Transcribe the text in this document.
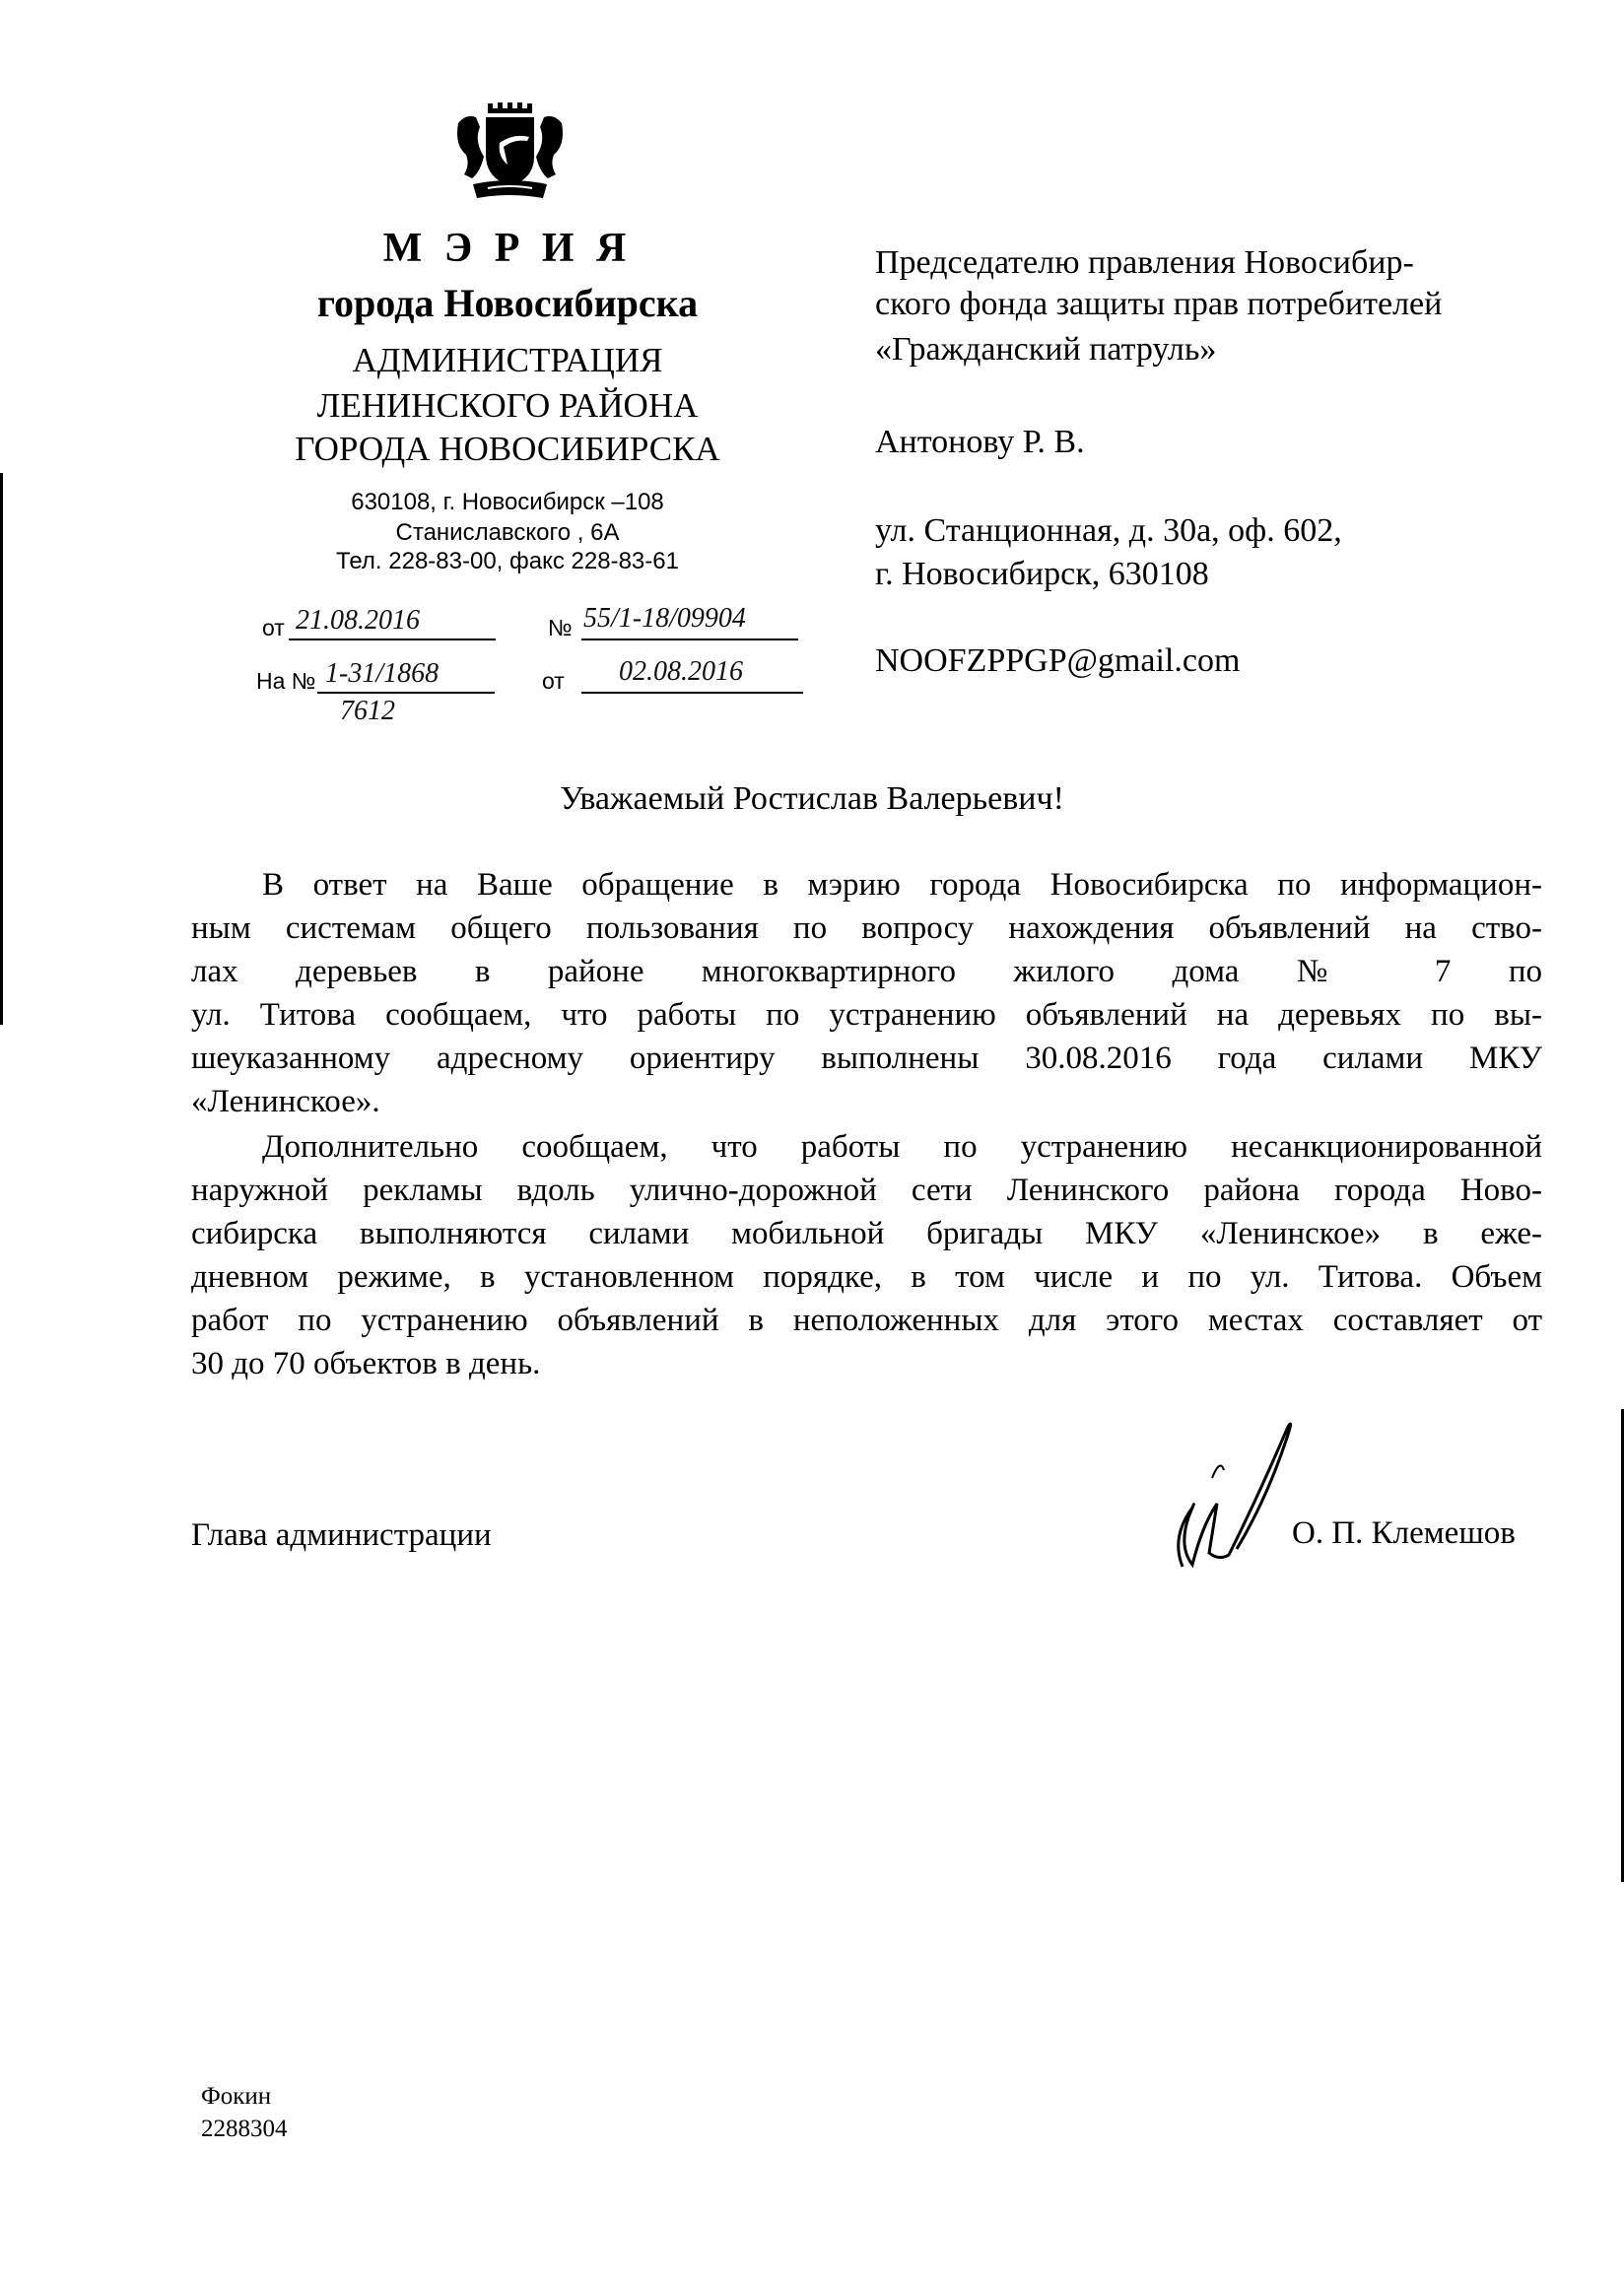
М Э Р И Я
города Новосибирска
АДМИНИСТРАЦИЯ
ЛЕНИНСКОГО РАЙОНА
ГОРОДА НОВОСИБИРСКА
630108, г. Новосибирск –108
Станиславского , 6А
Тел. 228-83-00, факс 228-83-61
от 21.08.2016	№ 55/1-18/09904
На № 1-31/1868	от 02.08.2016
7612
Председателю правления Новосибир-
ского фонда защиты прав потребителей
«Гражданский патруль»
Антонову Р. В.
ул. Станционная, д. 30а, оф. 602,
г. Новосибирск, 630108
NOOFZPPGP@gmail.com
Уважаемый Ростислав Валерьевич!
В ответ на Ваше обращение в мэрию города Новосибирска по информацион-
ным системам общего пользования по вопросу нахождения объявлений на ство-
лах деревьев в районе многоквартирного жилого дома № 7 по
ул. Титова сообщаем, что работы по устранению объявлений на деревьях по вы-
шеуказанному адресному ориентиру выполнены 30.08.2016 года силами МКУ
«Ленинское».
Дополнительно сообщаем, что работы по устранению несанкционированной
наружной рекламы вдоль улично-дорожной сети Ленинского района города Ново-
сибирска выполняются силами мобильной бригады МКУ «Ленинское» в еже-
дневном режиме, в установленном порядке, в том числе и по ул. Титова. Объем
работ по устранению объявлений в неположенных для этого местах составляет от
30 до 70 объектов в день.
Глава администрации	О. П. Клемешов
Фокин
2288304
